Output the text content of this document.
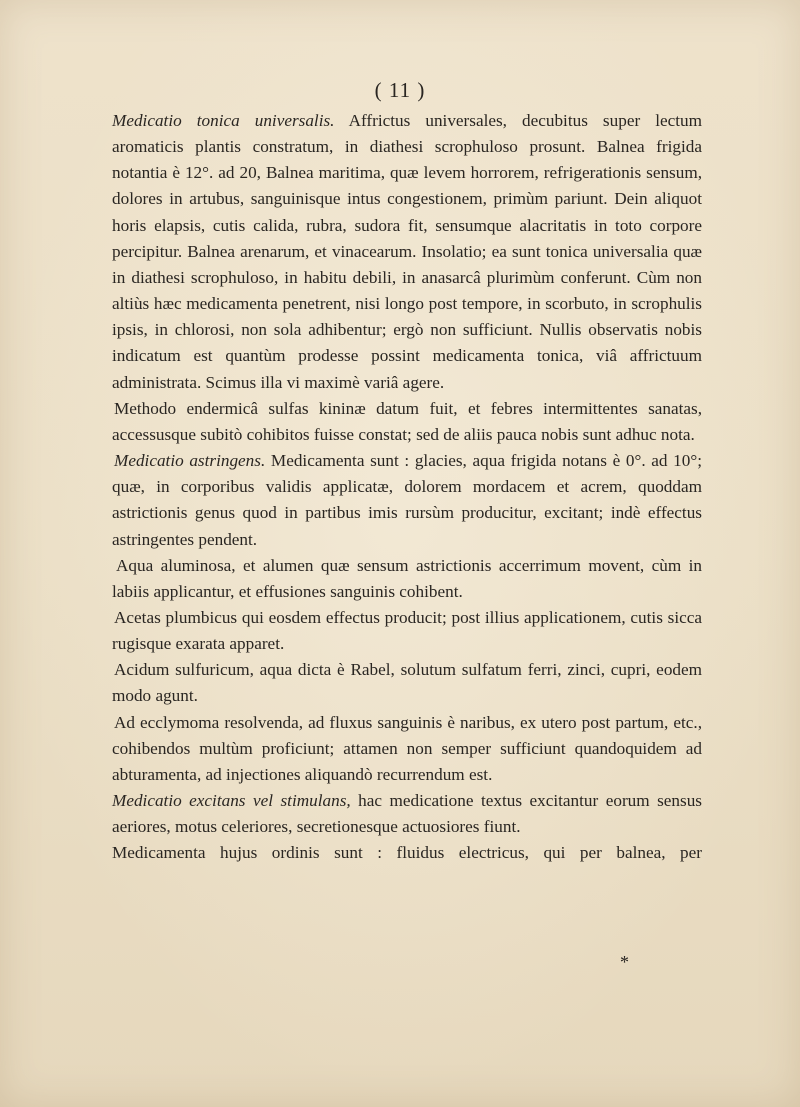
( 11 )

Medicatio tonica universalis. Affrictus universales, decubitus super lectum aromaticis plantis constratum, in diathesi scrophuloso prosunt. Balnea frigida notantia è 12°. ad 20, Balnea maritima, quæ levem horrorem, refrigerationis sensum, dolores in artubus, sanguinisque intus congestionem, primùm pariunt. Dein aliquot horis elapsis, cutis calida, rubra, sudora fit, sensumque alacritatis in toto corpore percipitur. Balnea arenarum, et vinacearum. Insolatio; ea sunt tonica universalia quæ in diathesi scrophuloso, in habitu debili, in anasarcâ plurimùm conferunt. Cùm non altiùs hæc medicamenta penetrent, nisi longo post tempore, in scorbuto, in scrophulis ipsis, in chlorosi, non sola adhibentur; ergò non sufficiunt. Nullis observatis nobis indicatum est quantùm prodesse possint medicamenta tonica, viâ affrictuum administrata. Scimus illa vi maximè variâ agere.

Methodo endermicâ sulfas kininæ datum fuit, et febres intermittentes sanatas, accessusque subitò cohibitos fuisse constat; sed de aliis pauca nobis sunt adhuc nota.

Medicatio astringens. Medicamenta sunt : glacies, aqua frigida notans è 0°. ad 10°; quæ, in corporibus validis applicatæ, dolorem mordacem et acrem, quoddam astrictionis genus quod in partibus imis rursùm producitur, excitant; indè effectus astringentes pendent.

Aqua aluminosa, et alumen quæ sensum astrictionis accerrimum movent, cùm in labiis applicantur, et effusiones sanguinis cohibent.

Acetas plumbicus qui eosdem effectus producit; post illius applicationem, cutis sicca rugisque exarata apparet.

Acidum sulfuricum, aqua dicta è Rabel, solutum sulfatum ferri, zinci, cupri, eodem modo agunt.

Ad ecclymoma resolvenda, ad fluxus sanguinis è naribus, ex utero post partum, etc., cohibendos multùm proficiunt; attamen non semper sufficiunt quandoquidem ad abturamenta, ad injectiones aliquandò recurrendum est.

Medicatio excitans vel stimulans, hac medicatione textus excitantur eorum sensus aeriores, motus celeriores, secretionesque actuosiores fiunt.

Medicamenta hujus ordinis sunt : fluidus electricus, qui per balnea, per

*
